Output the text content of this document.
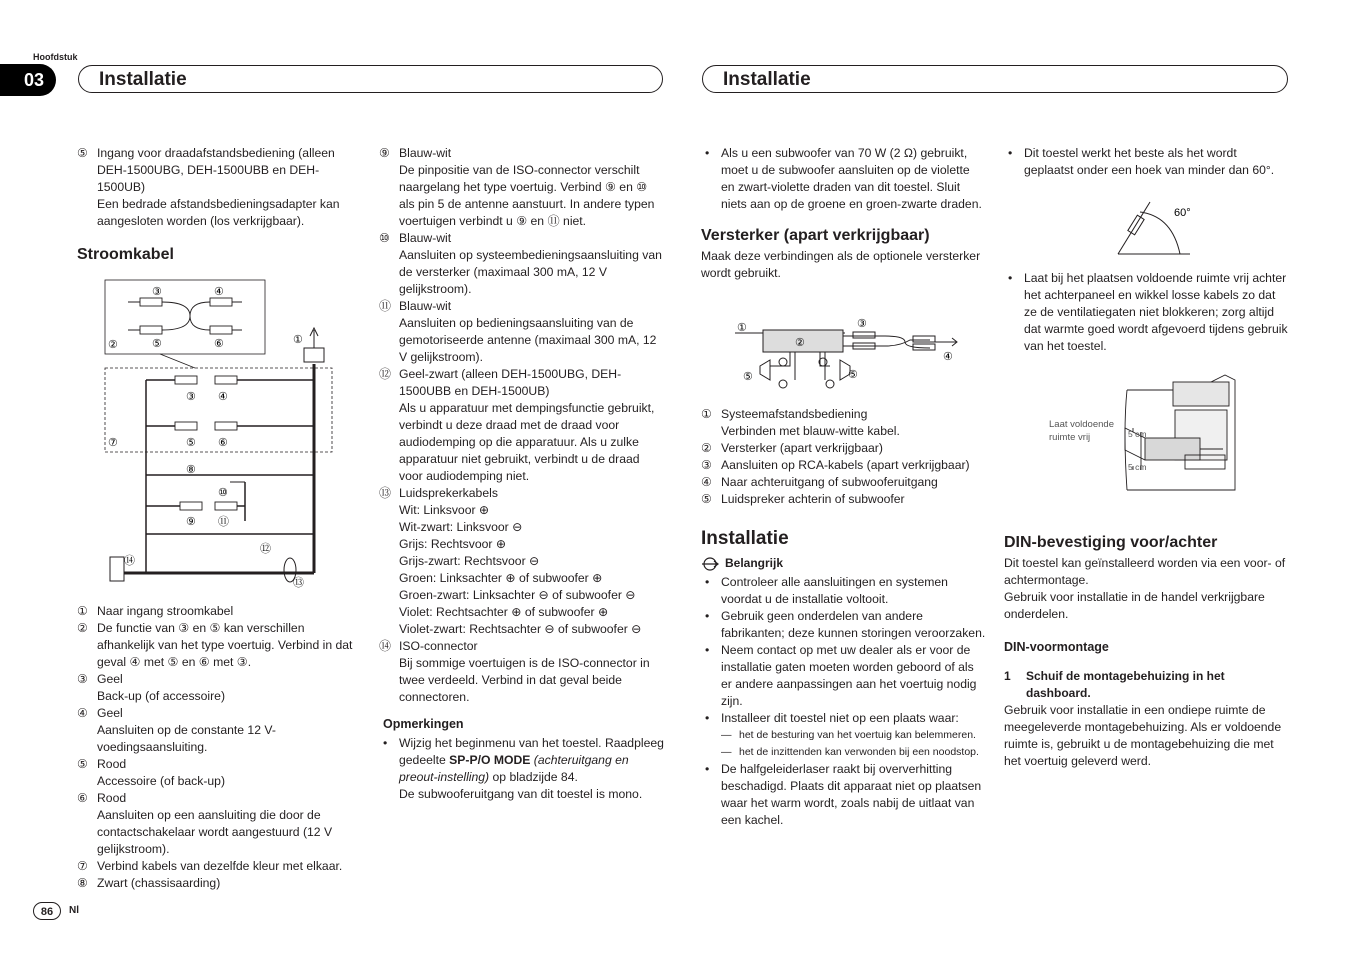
Hoofdstuk
03	Installatie	Installatie
⑤ Ingang voor draadafstandsbediening (alleen DEH-1500UBG, DEH-1500UBB en DEH-1500UB)

Een bedrade afstandsbedieningsadapter kan aangesloten worden (los verkrijgbaar).

Stroomkabel

③	④
②	⑤	⑥	①
③ ④
⑦	⑤ ⑥
⑧
⑩
⑨ ⑪
⑫
⑭
⑬
① Naar ingang stroomkabel

② De functie van ③ en ⑤ kan verschillen afhankelijk van het type voertuig. Verbind in dat geval ④ met ⑤ en ⑥ met ③.

③ Geel

Back-up (of accessoire)

④ Geel

Aansluiten op de constante 12 V-voedingsaansluiting.

⑤ Rood

Accessoire (of back-up)

⑥ Rood

Aansluiten op een aansluiting die door de contactschakelaar wordt aangestuurd (12 V gelijkstroom).

⑦ Verbind kabels van dezelfde kleur met elkaar.

⑧ Zwart (chassisaarding)

⑨ Blauw-wit

De pinpositie van de ISO-connector verschilt naargelang het type voertuig. Verbind ⑨ en ⑩ als pin 5 de antenne aanstuurt. In andere typen voertuigen verbindt u ⑨ en ⑪ niet.

⑩ Blauw-wit

Aansluiten op systeembedieningsaansluiting van de versterker (maximaal 300 mA, 12 V gelijkstroom).

⑪ Blauw-wit

Aansluiten op bedieningsaansluiting van de gemotoriseerde antenne (maximaal 300 mA, 12 V gelijkstroom).

⑫ Geel-zwart (alleen DEH-1500UBG, DEH-1500UBB en DEH-1500UB)

Als u apparatuur met dempingsfunctie gebruikt, verbindt u deze draad met de draad voor audiodemping op die apparatuur. Als u zulke apparatuur niet gebruikt, verbindt u de draad voor audiodemping niet.

⑬ Luidsprekerkabels

Wit: Linksvoor ⊕

Wit-zwart: Linksvoor ⊖

Grijs: Rechtsvoor ⊕

Grijs-zwart: Rechtsvoor ⊖

Groen: Linksachter ⊕ of subwoofer ⊕

Groen-zwart: Linksachter ⊖ of subwoofer ⊖

Violet: Rechtsachter ⊕ of subwoofer ⊕

Violet-zwart: Rechtsachter ⊖ of subwoofer ⊖

⑭ ISO-connector

Bij sommige voertuigen is de ISO-connector in twee verdeeld. Verbind in dat geval beide connectoren.

Opmerkingen

• Wijzig het beginmenu van het toestel. Raadpleeg gedeelte SP-P/O MODE (achteruitgang en preout-instelling) op bladzijde 84.

De subwooferuitgang van dit toestel is mono.

• Als u een subwoofer van 70 W (2 Ω) gebruikt, moet u de subwoofer aansluiten op de violette en zwart-violette draden van dit toestel. Sluit niets aan op de groene en groen-zwarte draden.

Versterker (apart verkrijgbaar)

Maak deze verbindingen als de optionele versterker wordt gebruikt.

①
②
③
④
⑤	⑤
① Systeemafstandsbediening

Verbinden met blauw-witte kabel.

② Versterker (apart verkrijgbaar)

③ Aansluiten op RCA-kabels (apart verkrijgbaar)

④ Naar achteruitgang of subwooferuitgang

⑤ Luidspreker achterin of subwoofer

Installatie

Belangrijk
• Controleer alle aansluitingen en systemen voordat u de installatie voltooit.
• Gebruik geen onderdelen van andere fabrikanten; deze kunnen storingen veroorzaken.
• Neem contact op met uw dealer als er voor de installatie gaten moeten worden geboord of als er andere aanpassingen aan het voertuig nodig zijn.
• Installeer dit toestel niet op een plaats waar:
— het de besturing van het voertuig kan belemmeren.
— het de inzittenden kan verwonden bij een noodstop.
• De halfgeleiderlaser raakt bij oververhitting beschadigd. Plaats dit apparaat niet op plaatsen waar het warm wordt, zoals nabij de uitlaat van een kachel.
• Dit toestel werkt het beste als het wordt geplaatst onder een hoek van minder dan 60°.
60°
• Laat bij het plaatsen voldoende ruimte vrij achter het achterpaneel en wikkel losse kabels zo dat ze de ventilatiegaten niet blokkeren; zorg altijd dat warmte goed wordt afgevoerd tijdens gebruik van het toestel.
Laat voldoende
ruimte vrij	5 cm
5 cm

DIN-bevestiging voor/achter

Dit toestel kan geïnstalleerd worden via een voor- of achtermontage.

Gebruik voor installatie in de handel verkrijgbare onderdelen.

DIN-voormontage

1 Schuif de montagebehuizing in het dashboard.

Gebruik voor installatie in een ondiepe ruimte de meegeleverde montagebehuizing. Als er voldoende ruimte is, gebruikt u de montagebehuizing die met het voertuig geleverd werd.

86	Nl
